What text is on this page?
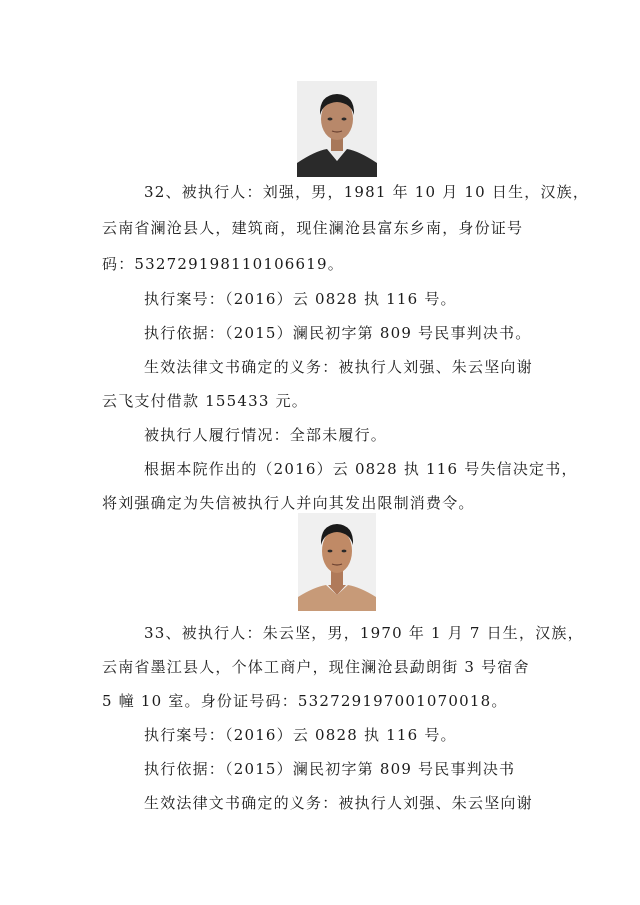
32、被执行人：刘强，男，1981 年 10 月 10 日生，汉族，
云南省澜沧县人，建筑商，现住澜沧县富东乡南，身份证号
码：532729198110106619。
执行案号：（2016）云 0828 执 116 号。
执行依据：（2015）澜民初字第 809 号民事判决书。
生效法律文书确定的义务：被执行人刘强、朱云坚向谢
云飞支付借款 155433 元。
被执行人履行情况：全部未履行。
根据本院作出的（2016）云 0828 执 116 号失信决定书，
将刘强确定为失信被执行人并向其发出限制消费令。
33、被执行人：朱云坚，男，1970 年 1 月 7 日生，汉族，
云南省墨江县人，个体工商户，现住澜沧县勐朗街 3 号宿舍
5 幢 10 室。身份证号码：532729197001070018。
执行案号：（2016）云 0828 执 116 号。
执行依据：（2015）澜民初字第 809 号民事判决书
生效法律文书确定的义务：被执行人刘强、朱云坚向谢
